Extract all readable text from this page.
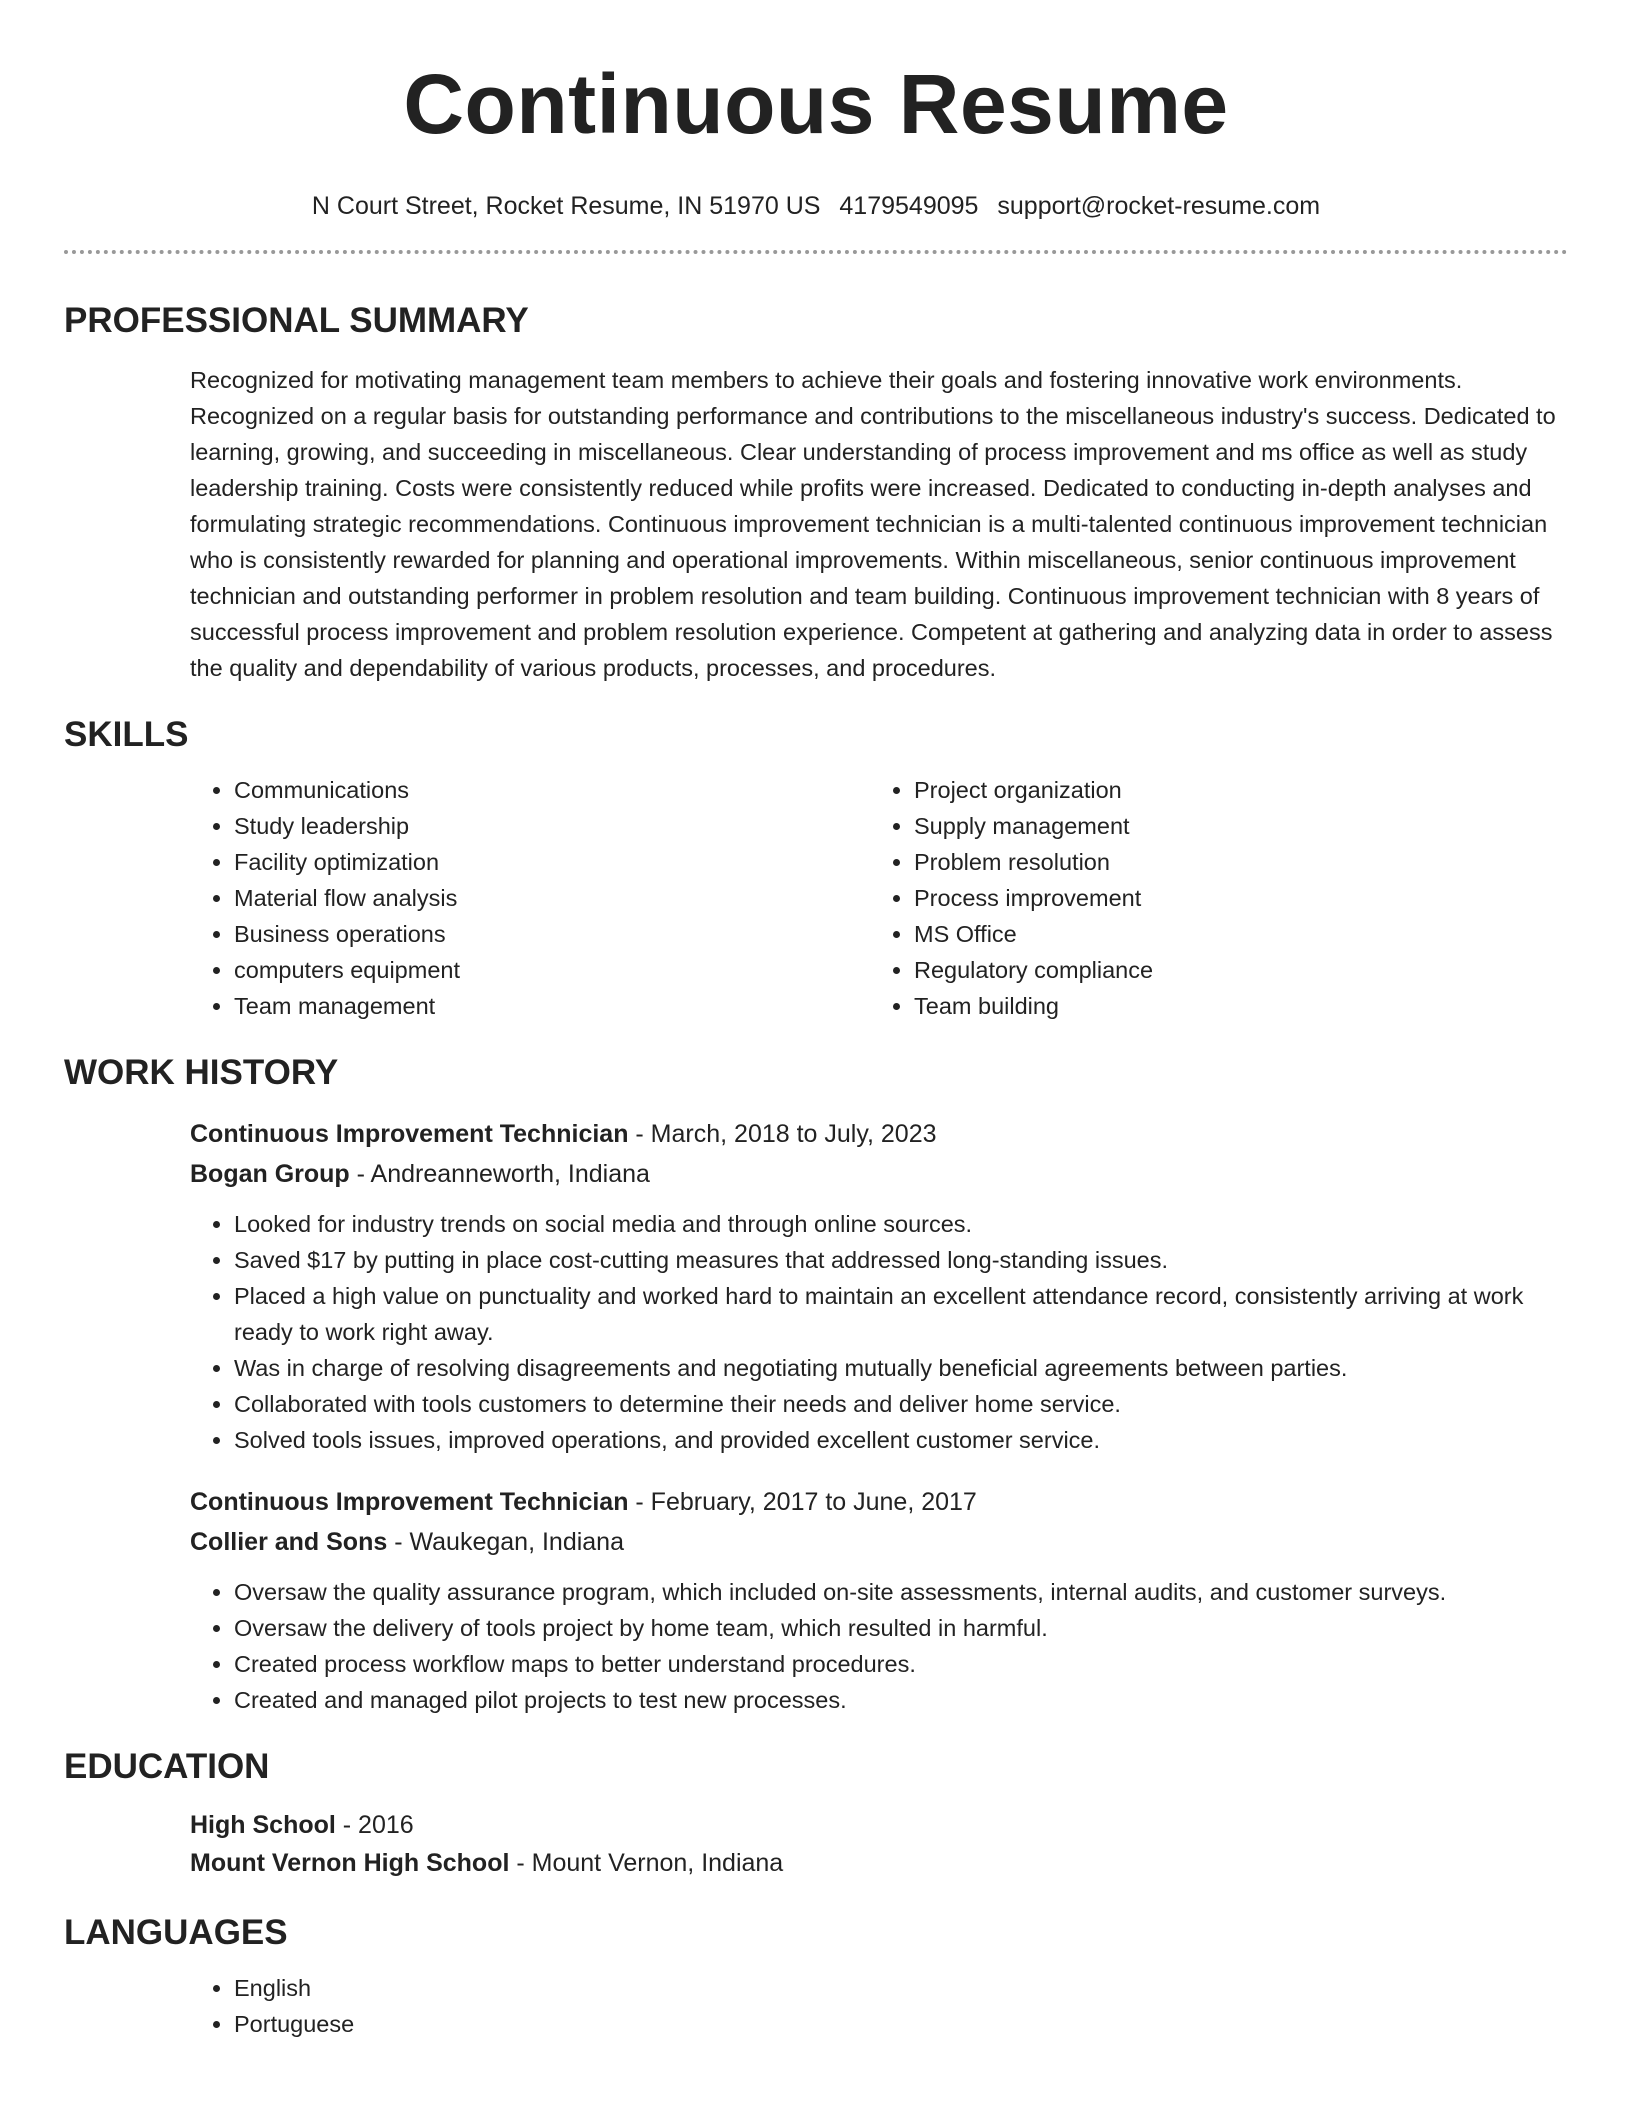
Continuous Resume
N Court Street, Rocket Resume, IN 51970 US 4179549095 support@rocket-resume.com
PROFESSIONAL SUMMARY

Recognized for motivating management team members to achieve their goals and fostering innovative work environments. Recognized on a regular basis for outstanding performance and contributions to the miscellaneous industry's success. Dedicated to learning, growing, and succeeding in miscellaneous. Clear understanding of process improvement and ms office as well as study leadership training. Costs were consistently reduced while profits were increased. Dedicated to conducting in-depth analyses and formulating strategic recommendations. Continuous improvement technician is a multi-talented continuous improvement technician who is consistently rewarded for planning and operational improvements. Within miscellaneous, senior continuous improvement technician and outstanding performer in problem resolution and team building. Continuous improvement technician with 8 years of successful process improvement and problem resolution experience. Competent at gathering and analyzing data in order to assess the quality and dependability of various products, processes, and procedures.

SKILLS
• Communications
• Study leadership
• Facility optimization
• Material flow analysis
• Business operations
• computers equipment
• Team management
• Project organization
• Supply management
• Problem resolution
• Process improvement
• MS Office
• Regulatory compliance
• Team building
WORK HISTORY
Continuous Improvement Technician - March, 2018 to July, 2023
Bogan Group - Andreanneworth, Indiana
• Looked for industry trends on social media and through online sources.
• Saved $17 by putting in place cost-cutting measures that addressed long-standing issues.
• Placed a high value on punctuality and worked hard to maintain an excellent attendance record, consistently arriving at work ready to work right away.
• Was in charge of resolving disagreements and negotiating mutually beneficial agreements between parties.
• Collaborated with tools customers to determine their needs and deliver home service.
• Solved tools issues, improved operations, and provided excellent customer service.
Continuous Improvement Technician - February, 2017 to June, 2017
Collier and Sons - Waukegan, Indiana
• Oversaw the quality assurance program, which included on-site assessments, internal audits, and customer surveys.
• Oversaw the delivery of tools project by home team, which resulted in harmful.
• Created process workflow maps to better understand procedures.
• Created and managed pilot projects to test new processes.
EDUCATION
High School - 2016
Mount Vernon High School - Mount Vernon, Indiana
LANGUAGES
• English
• Portuguese
